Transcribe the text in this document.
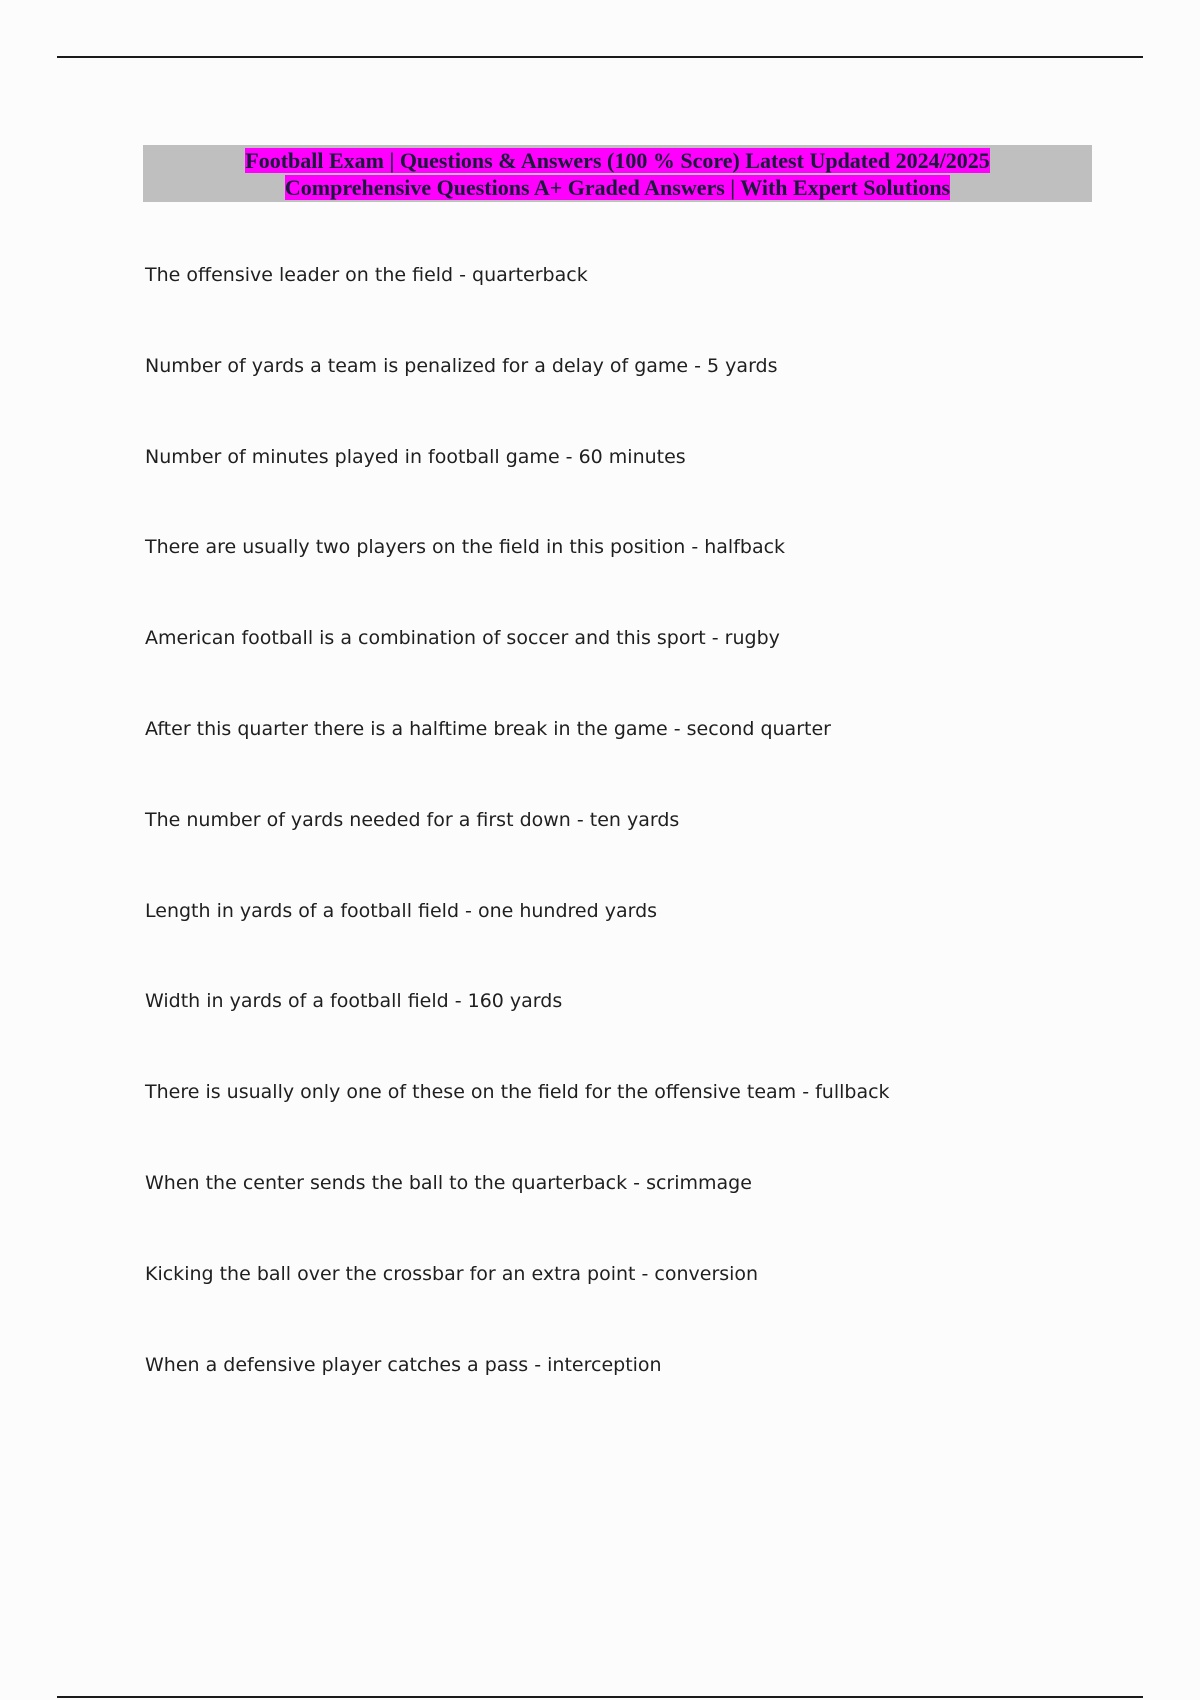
Football Exam | Questions & Answers (100 % Score) Latest Updated 2024/2025
Comprehensive Questions A+ Graded Answers | With Expert Solutions
The offensive leader on the field - quarterback
Number of yards a team is penalized for a delay of game - 5 yards
Number of minutes played in football game - 60 minutes
There are usually two players on the field in this position - halfback
American football is a combination of soccer and this sport - rugby
After this quarter there is a halftime break in the game - second quarter
The number of yards needed for a first down - ten yards
Length in yards of a football field - one hundred yards
Width in yards of a football field - 160 yards
There is usually only one of these on the field for the offensive team - fullback
When the center sends the ball to the quarterback - scrimmage
Kicking the ball over the crossbar for an extra point - conversion
When a defensive player catches a pass - interception
